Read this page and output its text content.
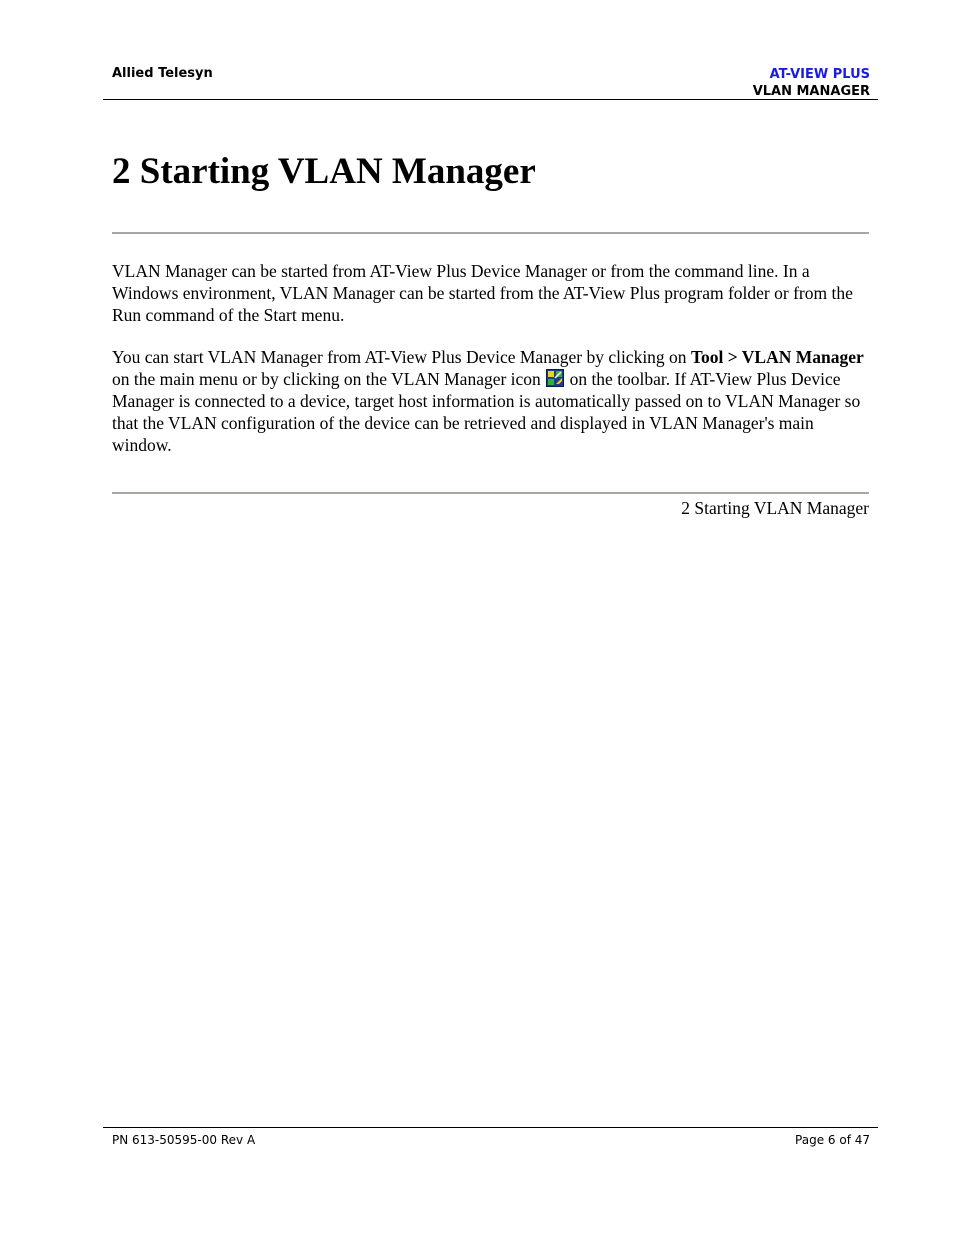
Allied Telesyn	AT-VIEW PLUS
VLAN MANAGER
2 Starting VLAN Manager

VLAN Manager can be started from AT-View Plus Device Manager or from the command line. In a Windows environment, VLAN Manager can be started from the AT-View Plus program folder or from the Run command of the Start menu.

You can start VLAN Manager from AT-View Plus Device Manager by clicking on Tool > VLAN Manager on the main menu or by clicking on the VLAN Manager icon  on the toolbar. If AT-View Plus Device Manager is connected to a device, target host information is automatically passed on to VLAN Manager so that the VLAN configuration of the device can be retrieved and displayed in VLAN Manager's main window.

2 Starting VLAN Manager
PN 613-50595-00 Rev A	Page 6 of 47
